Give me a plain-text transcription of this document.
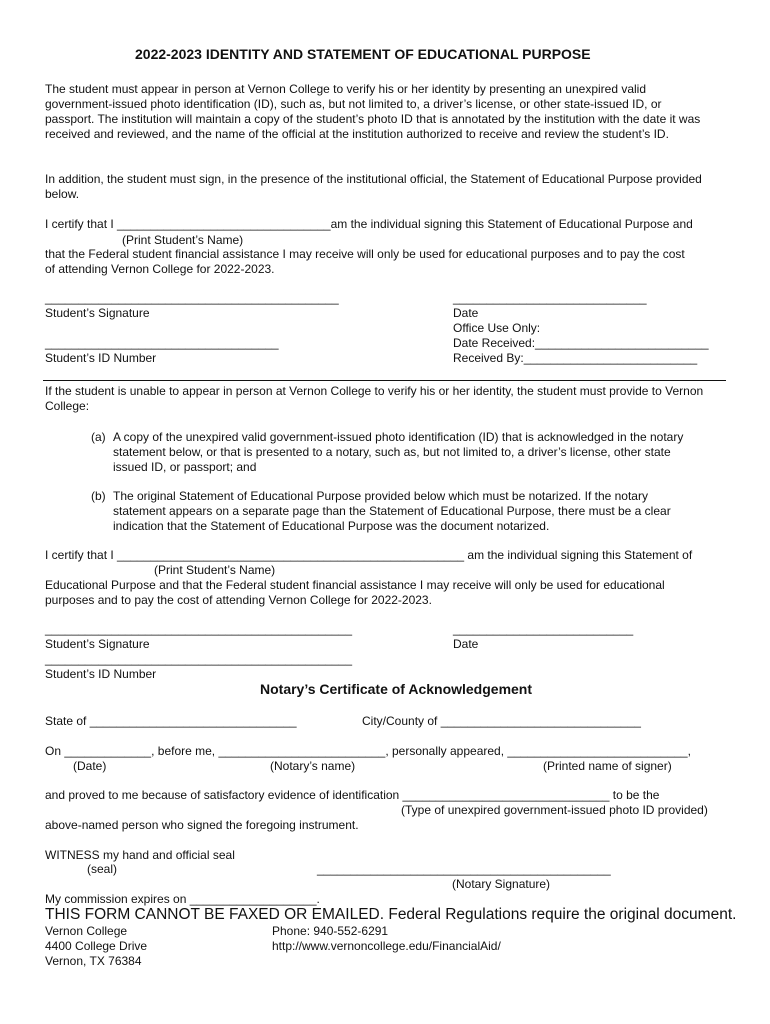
2022-2023 IDENTITY AND STATEMENT OF EDUCATIONAL PURPOSE
The student must appear in person at Vernon College to verify his or her identity by presenting an unexpired valid government-issued photo identification (ID), such as, but not limited to, a driver’s license, or other state-issued ID, or passport. The institution will maintain a copy of the student’s photo ID that is annotated by the institution with the date it was received and reviewed, and the name of the official at the institution authorized to receive and review the student’s ID.
In addition, the student must sign, in the presence of the institutional official, the Statement of Educational Purpose provided below.
I certify that I ________________________________am the individual signing this Statement of Educational Purpose and
(Print Student’s Name)
that the Federal student financial assistance I may receive will only be used for educational purposes and to pay the cost
of attending Vernon College for 2022-2023.
____________________________________________
Student’s Signature
___________________________________
Student’s ID Number
_____________________________
Date
Office Use Only:
Date Received:__________________________
Received By:__________________________
If the student is unable to appear in person at Vernon College to verify his or her identity, the student must provide to Vernon College:
(a) A copy of the unexpired valid government-issued photo identification (ID) that is acknowledged in the notary statement below, or that is presented to a notary, such as, but not limited to, a driver’s license, other state issued ID, or passport; and
(b) The original Statement of Educational Purpose provided below which must be notarized. If the notary statement appears on a separate page than the Statement of Educational Purpose, there must be a clear indication that the Statement of Educational Purpose was the document notarized.
I certify that I ____________________________________________________ am the individual signing this Statement of
(Print Student’s Name)
Educational Purpose and that the Federal student financial assistance I may receive will only be used for educational
purposes and to pay the cost of attending Vernon College for 2022-2023.
______________________________________________
Student’s Signature
___________________________
Date
______________________________________________
Student’s ID Number
Notary’s Certificate of Acknowledgement
State of _______________________________	City/County of ______________________________
On _____________, before me, _________________________, personally appeared, ___________________________,
(Date)	(Notary’s name)	(Printed name of signer)
and proved to me because of satisfactory evidence of identification _______________________________ to be the
(Type of unexpired government-issued photo ID provided)
above-named person who signed the foregoing instrument.
WITNESS my hand and official seal
(seal)	____________________________________________
(Notary Signature)
My commission expires on ___________________.
THIS FORM CANNOT BE FAXED OR EMAILED. Federal Regulations require the original document.
Vernon College
4400 College Drive
Vernon, TX 76384
Phone: 940-552-6291
http://www.vernoncollege.edu/FinancialAid/
